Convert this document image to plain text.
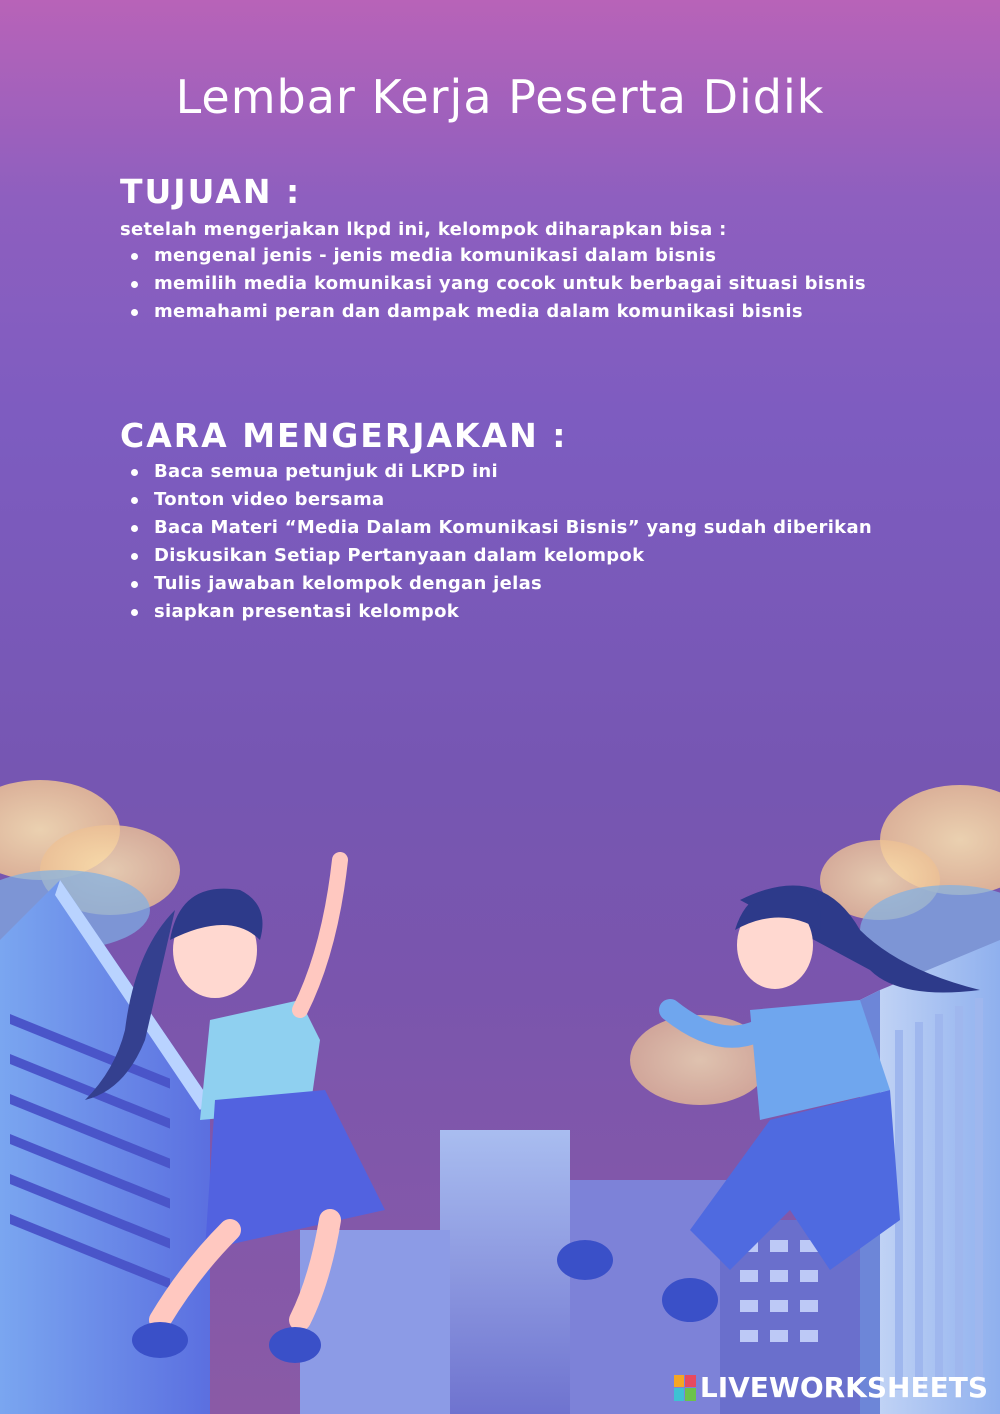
Lembar Kerja Peserta Didik
TUJUAN :
setelah mengerjakan lkpd ini, kelompok diharapkan bisa :
mengenal jenis - jenis media komunikasi dalam bisnis
memilih media komunikasi yang cocok untuk berbagai situasi bisnis
memahami peran dan dampak media dalam komunikasi bisnis
CARA MENGERJAKAN :
Baca semua petunjuk di LKPD ini
Tonton video bersama
Baca Materi “Media Dalam Komunikasi Bisnis” yang sudah diberikan
Diskusikan Setiap Pertanyaan dalam kelompok
Tulis jawaban kelompok dengan jelas
siapkan presentasi kelompok
LIVEWORKSHEETS
